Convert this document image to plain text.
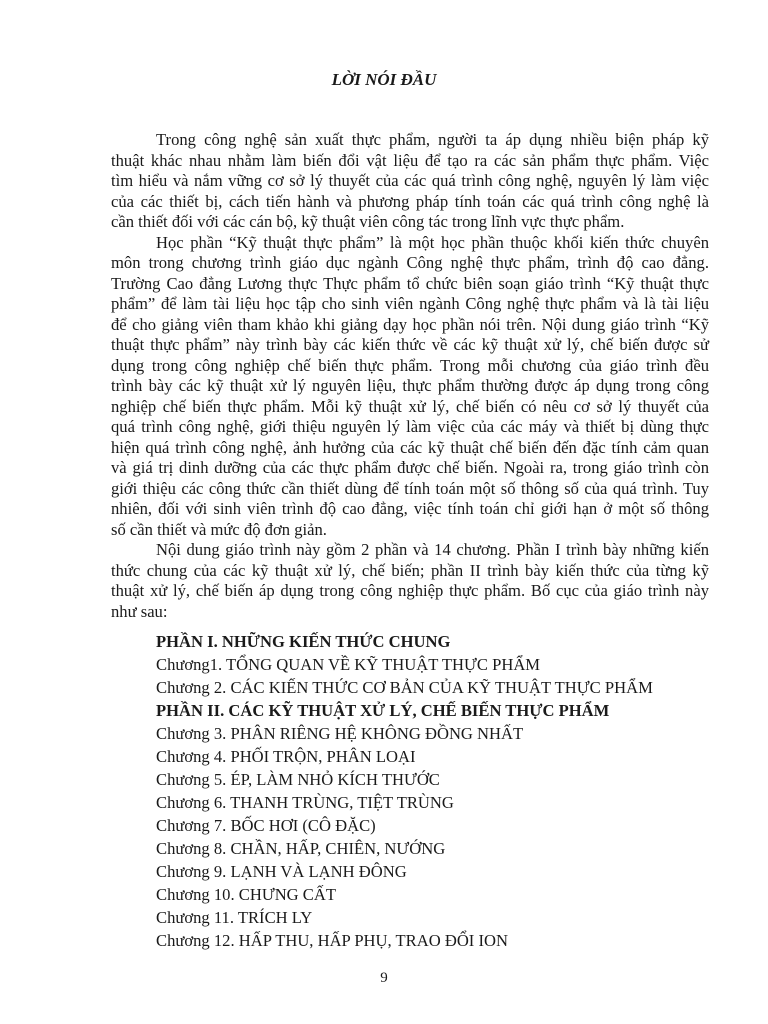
LỜI NÓI ĐẦU
Trong công nghệ sản xuất thực phẩm, người ta áp dụng nhiều biện pháp kỹ
thuật khác nhau nhằm làm biến đổi vật liệu để tạo ra các sản phẩm thực phẩm. Việc
tìm hiểu và nắm vững cơ sở lý thuyết của các quá trình công nghệ, nguyên lý làm việc
của các thiết bị, cách tiến hành và phương pháp tính toán các quá trình công nghệ là
cần thiết đối với các cán bộ, kỹ thuật viên công tác trong lĩnh vực thực phẩm.
Học phần “Kỹ thuật thực phẩm” là một học phần thuộc khối kiến thức chuyên
môn trong chương trình giáo dục ngành Công nghệ thực phẩm, trình độ cao đẳng.
Trường Cao đẳng Lương thực Thực phẩm tổ chức biên soạn giáo trình “Kỹ thuật thực
phẩm” để làm tài liệu học tập cho sinh viên ngành Công nghệ thực phẩm và là tài liệu
để cho giảng viên tham khảo khi giảng dạy học phần nói trên. Nội dung giáo trình “Kỹ
thuật thực phẩm” này trình bày các kiến thức về các kỹ thuật xử lý, chế biến được sử
dụng trong công nghiệp chế biến thực phẩm. Trong mỗi chương của giáo trình đều
trình bày các kỹ thuật xử lý nguyên liệu, thực phẩm thường được áp dụng trong công
nghiệp chế biến thực phẩm. Mỗi kỹ thuật xử lý, chế biến có nêu cơ sở lý thuyết của
quá trình công nghệ, giới thiệu nguyên lý làm việc của các máy và thiết bị dùng thực
hiện quá trình công nghệ, ảnh hưởng của các kỹ thuật chế biến đến đặc tính cảm quan
và giá trị dinh dưỡng của các thực phẩm được chế biến. Ngoài ra, trong giáo trình còn
giới thiệu các công thức cần thiết dùng để tính toán một số thông số của quá trình. Tuy
nhiên, đối với sinh viên trình độ cao đẳng, việc tính toán chỉ giới hạn ở một số thông
số cần thiết và mức độ đơn giản.
Nội dung giáo trình này gồm 2 phần và 14 chương. Phần I trình bày những kiến
thức chung của các kỹ thuật xử lý, chế biến; phần II trình bày kiến thức của từng kỹ
thuật xử lý, chế biến áp dụng trong công nghiệp thực phẩm. Bố cục của giáo trình này
như sau:
PHẦN I. NHỮNG KIẾN THỨC CHUNG
Chương1. TỔNG QUAN VỀ KỸ THUẬT THỰC PHẨM
Chương 2. CÁC KIẾN THỨC CƠ BẢN CỦA KỸ THUẬT THỰC PHẨM
PHẦN II. CÁC KỸ THUẬT XỬ LÝ, CHẾ BIẾN THỰC PHẨM
Chương 3. PHÂN RIÊNG HỆ KHÔNG ĐỒNG NHẤT
Chương 4. PHỐI TRỘN, PHÂN LOẠI
Chương 5. ÉP, LÀM NHỎ KÍCH THƯỚC
Chương 6. THANH TRÙNG, TIỆT TRÙNG
Chương 7. BỐC HƠI (CÔ ĐẶC)
Chương 8. CHẦN, HẤP, CHIÊN, NƯỚNG
Chương 9. LẠNH VÀ LẠNH ĐÔNG
Chương 10. CHƯNG CẤT
Chương 11. TRÍCH LY
Chương 12. HẤP THU, HẤP PHỤ, TRAO ĐỔI ION
9
